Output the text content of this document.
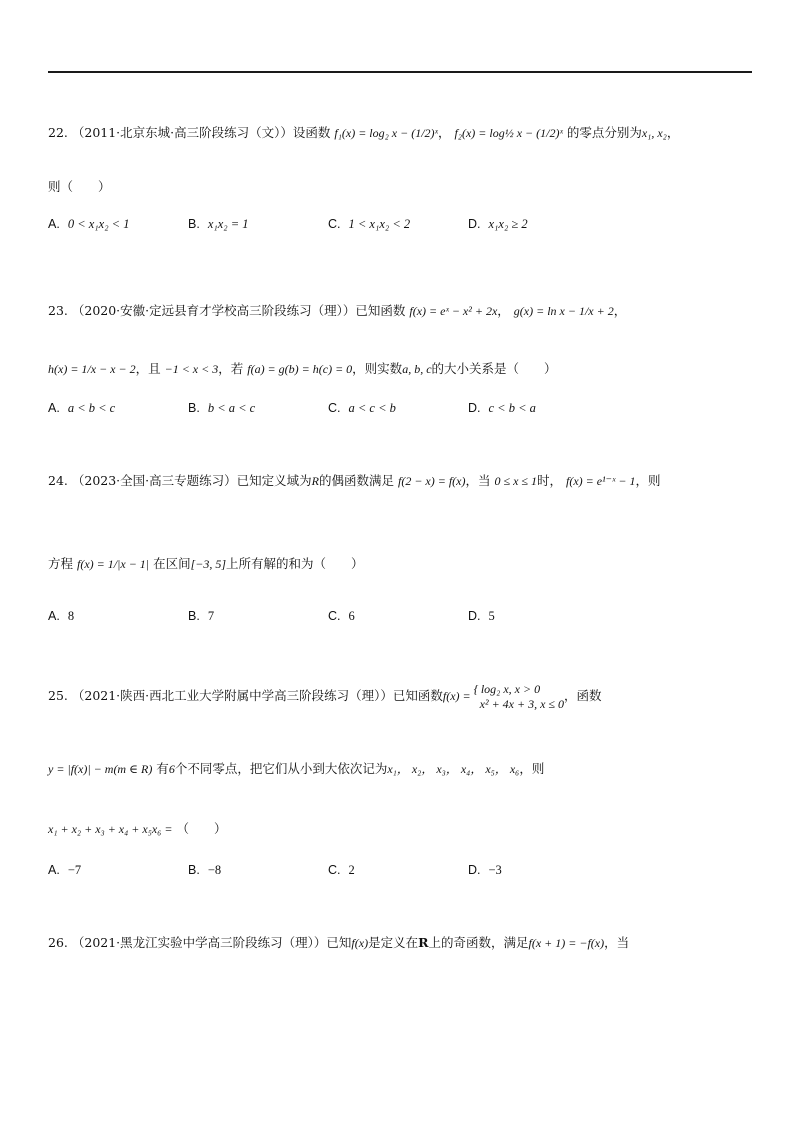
22. （2011·北京东城·高三阶段练习（文））设函数 f₁(x) = log₂ x − (1/2)ˣ， f₂(x) = log½ x − (1/2)ˣ 的零点分别为x₁, x₂，
则（　　）
A. 0 < x₁x₂ < 1	B. x₁x₂ = 1	C. 1 < x₁x₂ < 2	D. x₁x₂ ≥ 2
23. （2020·安徽·定远县育才学校高三阶段练习（理））已知函数 f(x) = eˣ − x² + 2x， g(x) = ln x − 1/x + 2，
h(x) = 1/x − x − 2，且 −1 < x < 3，若 f(a) = g(b) = h(c) = 0，则实数a, b, c的大小关系是（　　）
A. a < b < c	B. b < a < c	C. a < c < b	D. c < b < a
24. （2023·全国·高三专题练习）已知定义域为R的偶函数满足 f(2 − x) = f(x)，当 0 ≤ x ≤ 1时， f(x) = e¹⁻ˣ − 1，则
方程 f(x) = 1/|x − 1| 在区间[−3, 5]上所有解的和为（　　）
A. 8	B. 7	C. 6	D. 5
25. （2021·陕西·西北工业大学附属中学高三阶段练习（理））已知函数f(x) = { log₂ x, x > 0
 x² + 4x + 3, x ≤ 0，函数
y = |f(x)| − m(m ∈ R) 有6个不同零点，把它们从小到大依次记为x₁， x₂， x₃， x₄， x₅， x₆，则
x₁ + x₂ + x₃ + x₄ + x₅x₆ = （　　）
A. −7	B. −8	C. 2	D. −3
26. （2021·黑龙江实验中学高三阶段练习（理））已知f(x)是定义在R上的奇函数，满足f(x + 1) = −f(x)，当
